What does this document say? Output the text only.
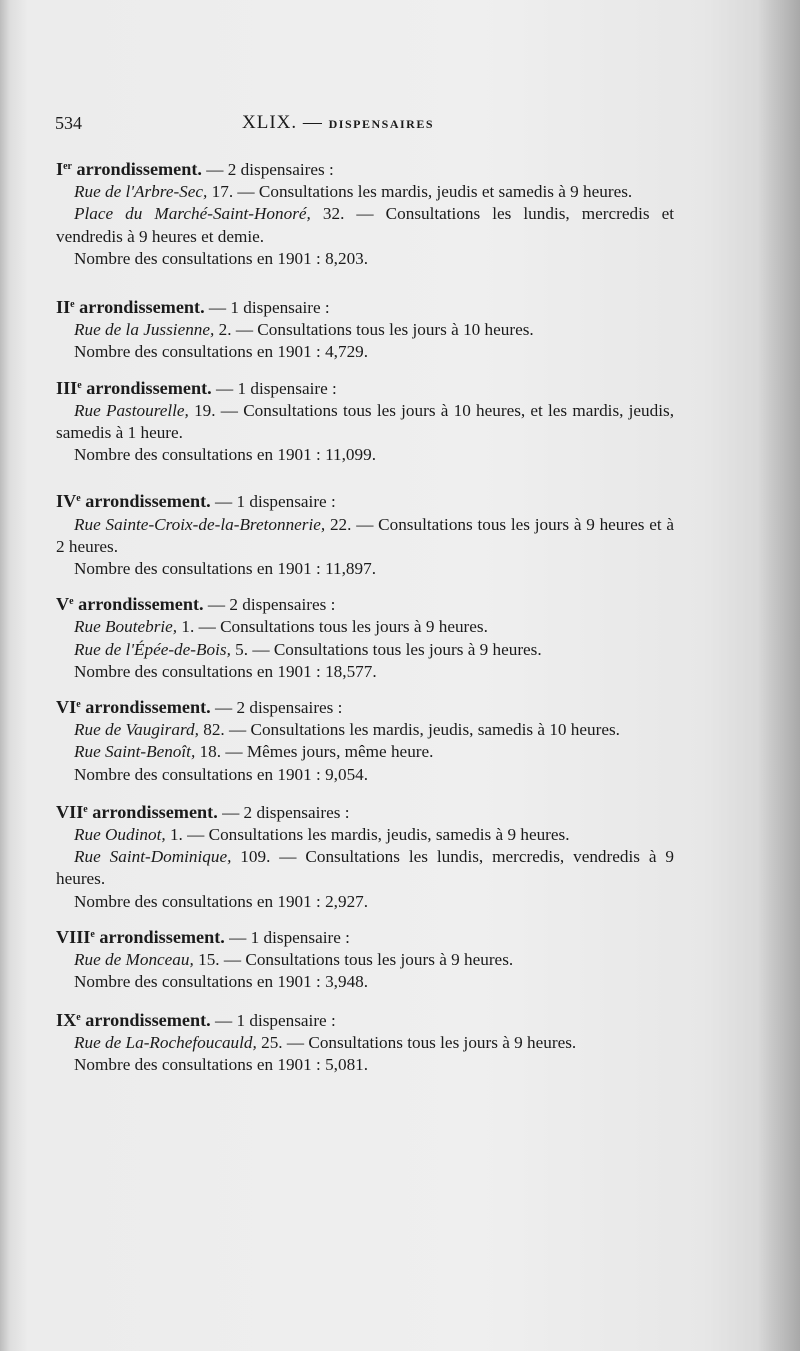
534	XLIX. — DISPENSAIRES
Ier arrondissement. — 2 dispensaires :

Rue de l'Arbre-Sec, 17. — Consultations les mardis, jeudis et samedis à 9 heures.

Place du Marché-Saint-Honoré, 32. — Consultations les lundis, mercredis et vendredis à 9 heures et demie.

Nombre des consultations en 1901 : 8,203.

IIe arrondissement. — 1 dispensaire :

Rue de la Jussienne, 2. — Consultations tous les jours à 10 heures.

Nombre des consultations en 1901 : 4,729.

IIIe arrondissement. — 1 dispensaire :

Rue Pastourelle, 19. — Consultations tous les jours à 10 heures, et les mardis, jeudis, samedis à 1 heure.

Nombre des consultations en 1901 : 11,099.

IVe arrondissement. — 1 dispensaire :

Rue Sainte-Croix-de-la-Bretonnerie, 22. — Consultations tous les jours à 9 heures et à 2 heures.

Nombre des consultations en 1901 : 11,897.

Ve arrondissement. — 2 dispensaires :

Rue Boutebrie, 1. — Consultations tous les jours à 9 heures.

Rue de l'Épée-de-Bois, 5. — Consultations tous les jours à 9 heures.

Nombre des consultations en 1901 : 18,577.

VIe arrondissement. — 2 dispensaires :

Rue de Vaugirard, 82. — Consultations les mardis, jeudis, samedis à 10 heures.

Rue Saint-Benoît, 18. — Mêmes jours, même heure.

Nombre des consultations en 1901 : 9,054.

VIIe arrondissement. — 2 dispensaires :

Rue Oudinot, 1. — Consultations les mardis, jeudis, samedis à 9 heures.

Rue Saint-Dominique, 109. — Consultations les lundis, mercredis, vendredis à 9 heures.

Nombre des consultations en 1901 : 2,927.

VIIIe arrondissement. — 1 dispensaire :

Rue de Monceau, 15. — Consultations tous les jours à 9 heures.

Nombre des consultations en 1901 : 3,948.

IXe arrondissement. — 1 dispensaire :

Rue de La-Rochefoucauld, 25. — Consultations tous les jours à 9 heures.

Nombre des consultations en 1901 : 5,081.
